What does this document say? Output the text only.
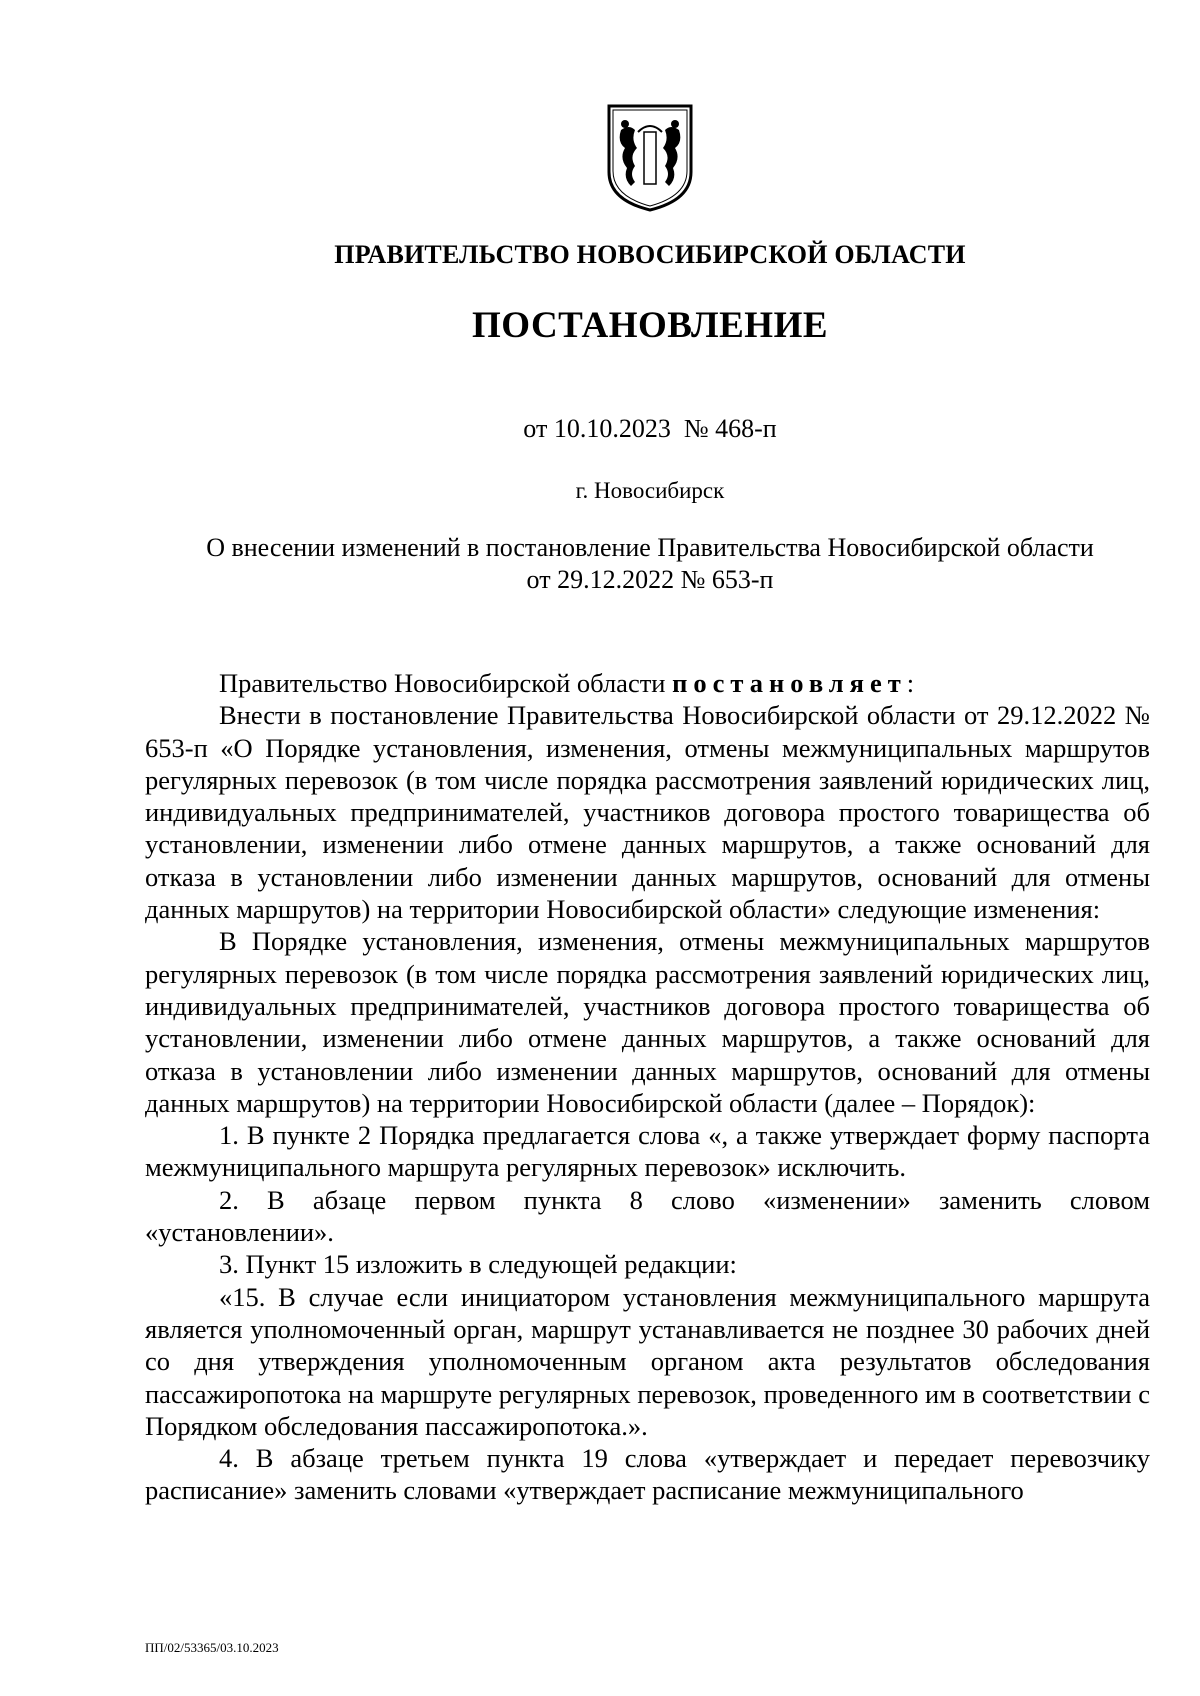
ПРАВИТЕЛЬСТВО НОВОСИБИРСКОЙ ОБЛАСТИ
ПОСТАНОВЛЕНИЕ
от 10.10.2023  № 468-п
г. Новосибирск
О внесении изменений в постановление Правительства Новосибирской области
от 29.12.2022 № 653-п

Правительство Новосибирской области постановляет:

Внести в постановление Правительства Новосибирской области от 29.12.2022 № 653-п «О Порядке установления, изменения, отмены межмуниципальных маршрутов регулярных перевозок (в том числе порядка рассмотрения заявлений юридических лиц, индивидуальных предпринимателей, участников договора простого товарищества об установлении, изменении либо отмене данных маршрутов, а также оснований для отказа в установлении либо изменении данных маршрутов, оснований для отмены данных маршрутов) на территории Новосибирской области» следующие изменения:

В Порядке установления, изменения, отмены межмуниципальных маршрутов регулярных перевозок (в том числе порядка рассмотрения заявлений юридических лиц, индивидуальных предпринимателей, участников договора простого товарищества об установлении, изменении либо отмене данных маршрутов, а также оснований для отказа в установлении либо изменении данных маршрутов, оснований для отмены данных маршрутов) на территории Новосибирской области (далее – Порядок):

1. В пункте 2 Порядка предлагается слова «, а также утверждает форму паспорта межмуниципального маршрута регулярных перевозок» исключить.

2. В абзаце первом пункта 8 слово «изменении» заменить словом «установлении».

3. Пункт 15 изложить в следующей редакции:

«15. В случае если инициатором установления межмуниципального маршрута является уполномоченный орган, маршрут устанавливается не позднее 30 рабочих дней со дня утверждения уполномоченным органом акта результатов обследования пассажиропотока на маршруте регулярных перевозок, проведенного им в соответствии с Порядком обследования пассажиропотока.».

4. В абзаце третьем пункта 19 слова «утверждает и передает перевозчику расписание» заменить словами «утверждает расписание межмуниципального

ПП/02/53365/03.10.2023
